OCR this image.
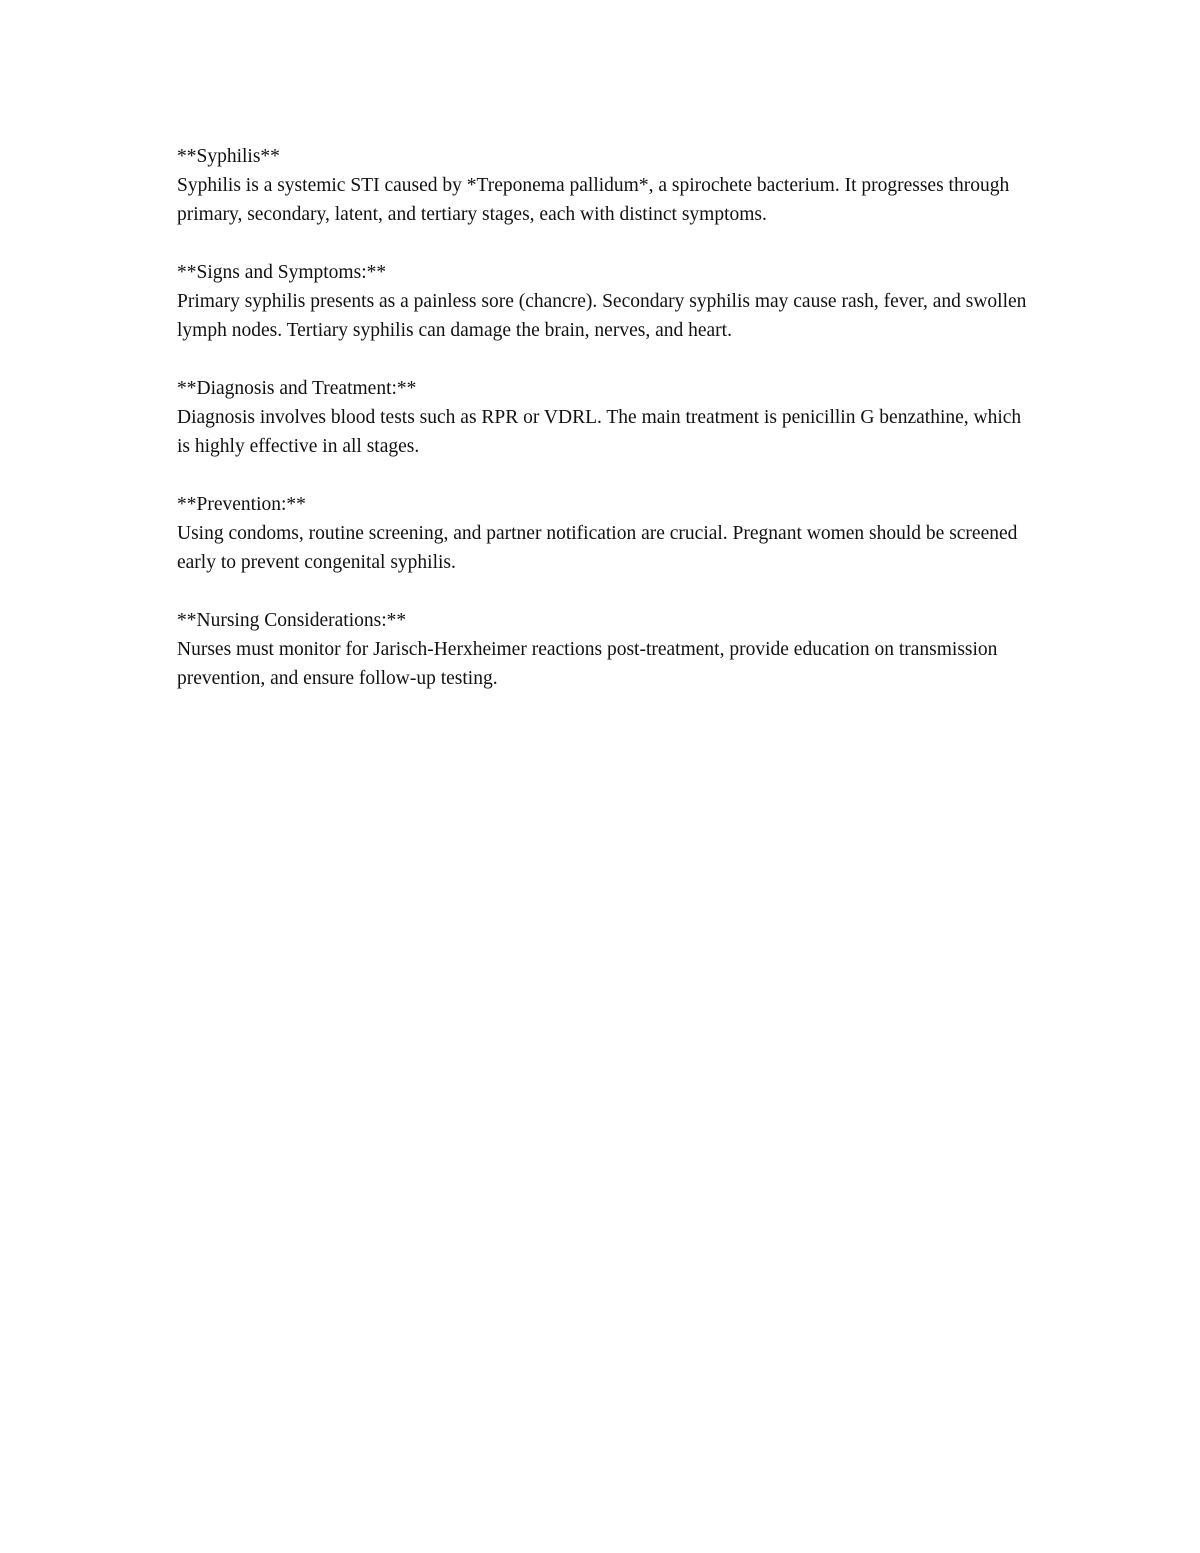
**Syphilis**
Syphilis is a systemic STI caused by *Treponema pallidum*, a spirochete bacterium. It progresses through primary, secondary, latent, and tertiary stages, each with distinct symptoms.
**Signs and Symptoms:**
Primary syphilis presents as a painless sore (chancre). Secondary syphilis may cause rash, fever, and swollen lymph nodes. Tertiary syphilis can damage the brain, nerves, and heart.
**Diagnosis and Treatment:**
Diagnosis involves blood tests such as RPR or VDRL. The main treatment is penicillin G benzathine, which is highly effective in all stages.
**Prevention:**
Using condoms, routine screening, and partner notification are crucial. Pregnant women should be screened early to prevent congenital syphilis.
**Nursing Considerations:**
Nurses must monitor for Jarisch-Herxheimer reactions post-treatment, provide education on transmission prevention, and ensure follow-up testing.
